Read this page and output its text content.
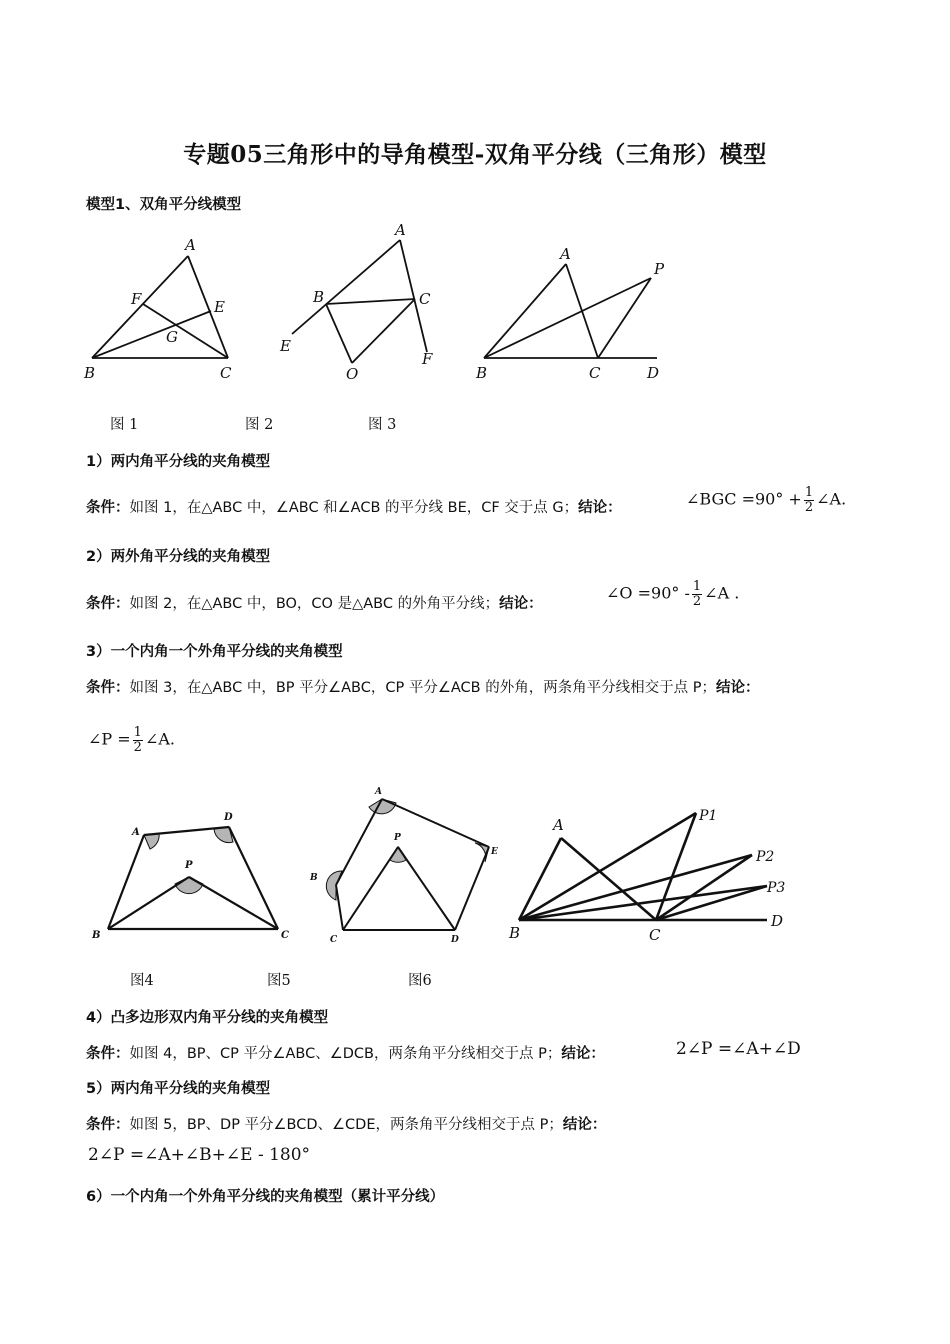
专题05三角形中的导角模型-双角平分线（三角形）模型
模型1、双角平分线模型
A
F	E
G
B	C
A
B	C
E
O
F
A
P
B	C	D
图 1	图 2	图 3
1）两内角平分线的夹角模型
条件：如图 1，在△ABC 中，∠ABC 和∠ACB 的平分线 BE，CF 交于点 G；结论：	∠BGC $=90^\circ + \frac{1}{2}$ ∠A.
2）两外角平分线的夹角模型
条件：如图 2，在△ABC 中，BO，CO 是△ABC 的外角平分线；结论：
∠O $=90^\circ - \frac{1}{2}$ ∠A .
3）一个内角一个外角平分线的夹角模型
条件：如图 3，在△ABC 中，BP 平分∠ABC，CP 平分∠ACB 的外角，两条角平分线相交于点 P；结论：
∠P = $\frac{1}{2}$ ∠A.
A
D
P
B	C
A
P
B
E
C	D
A	P1
P2
P3
B	C
D
图4	图5	图6
4）凸多边形双内角平分线的夹角模型
条件：如图 4，BP、CP 平分∠ABC、∠DCB，两条角平分线相交于点 P；结论：	2∠P =∠A+∠D
5）两内角平分线的夹角模型
条件：如图 5，BP、DP 平分∠BCD、∠CDE，两条角平分线相交于点 P；结论：
2∠P =∠A+∠B+∠E - 180°
6）一个内角一个外角平分线的夹角模型（累计平分线）
